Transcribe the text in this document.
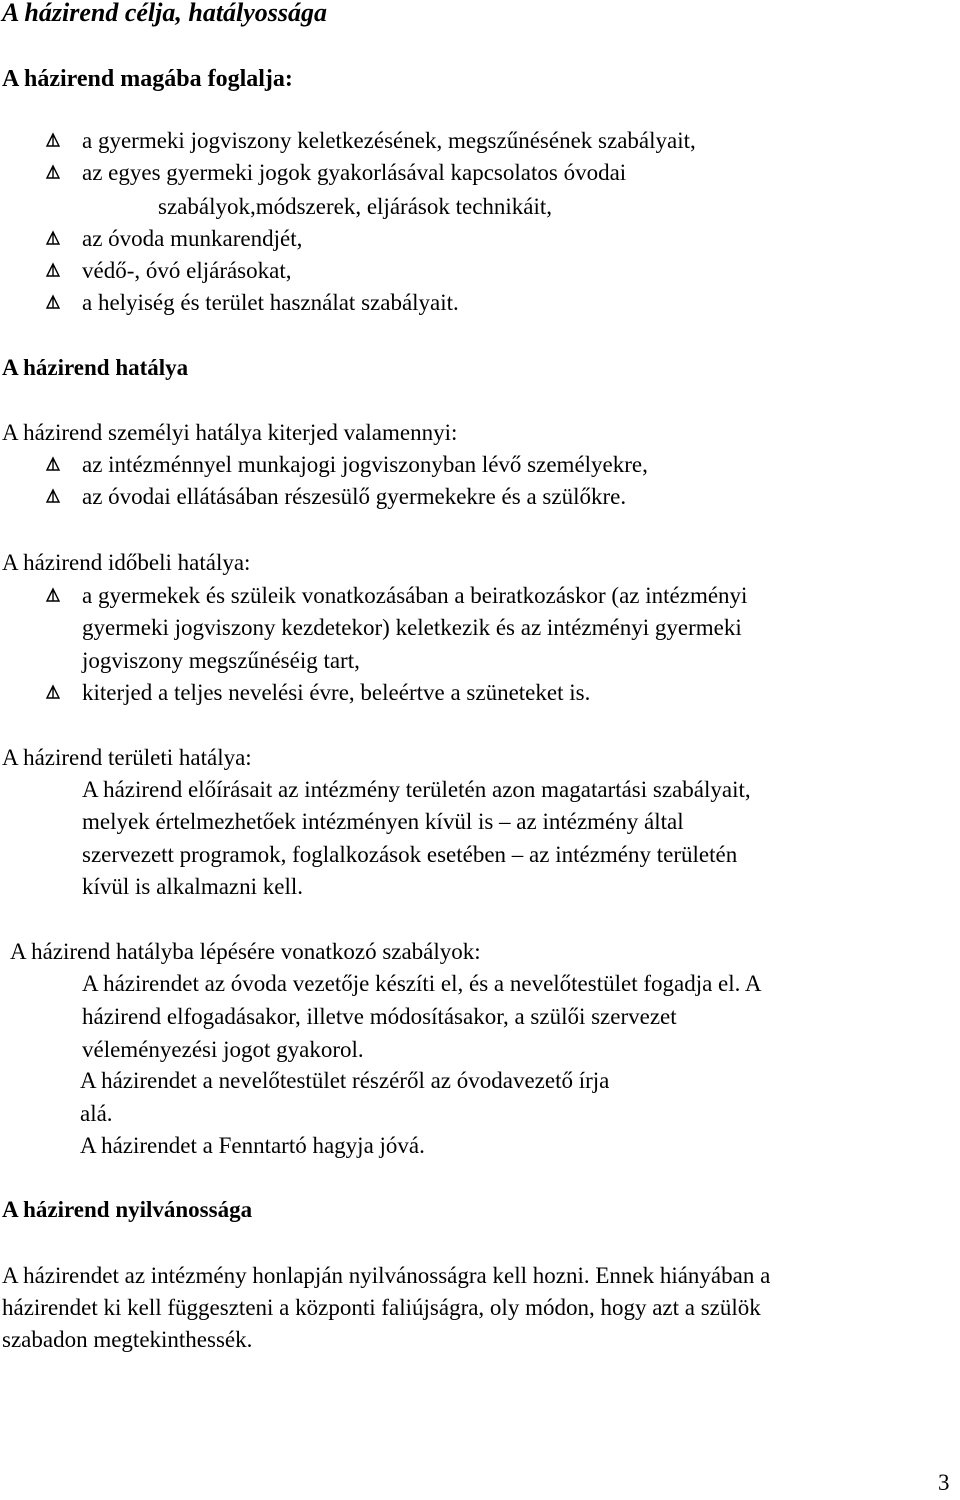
A házirend célja, hatályossága

A házirend magába foglalja:

a gyermeki jogviszony keletkezésének, megszűnésének szabályait,

az egyes gyermeki jogok gyakorlásával kapcsolatos óvodai

szabályok,módszerek, eljárások technikáit,

az óvoda munkarendjét,

védő-, óvó eljárásokat,

a helyiség és terület használat szabályait.

A házirend hatálya

A házirend személyi hatálya kiterjed valamennyi:

az intézménnyel munkajogi jogviszonyban lévő személyekre,

az óvodai ellátásában részesülő gyermekekre és a szülőkre.

A házirend időbeli hatálya:

a gyermekek és szüleik vonatkozásában a beiratkozáskor (az intézményi

gyermeki jogviszony kezdetekor) keletkezik és az intézményi gyermeki

jogviszony megszűnéséig tart,

kiterjed a teljes nevelési évre, beleértve a szüneteket is.

A házirend területi hatálya:

A házirend előírásait az intézmény területén azon magatartási szabályait,

melyek értelmezhetőek intézményen kívül is – az intézmény által

szervezett programok, foglalkozások esetében – az intézmény területén

kívül is alkalmazni kell.

A házirend hatályba lépésére vonatkozó szabályok:

A házirendet az óvoda vezetője készíti el, és a nevelőtestület fogadja el. A

házirend elfogadásakor, illetve módosításakor, a szülői szervezet

véleményezési jogot gyakorol.

A házirendet a nevelőtestület részéről az óvodavezető írja

alá.

A házirendet a Fenntartó hagyja jóvá.

A házirend nyilvánossága

A házirendet az intézmény honlapján nyilvánosságra kell hozni. Ennek hiányában a

házirendet ki kell függeszteni a központi faliújságra, oly módon, hogy azt a szülök

szabadon megtekinthessék.

3
